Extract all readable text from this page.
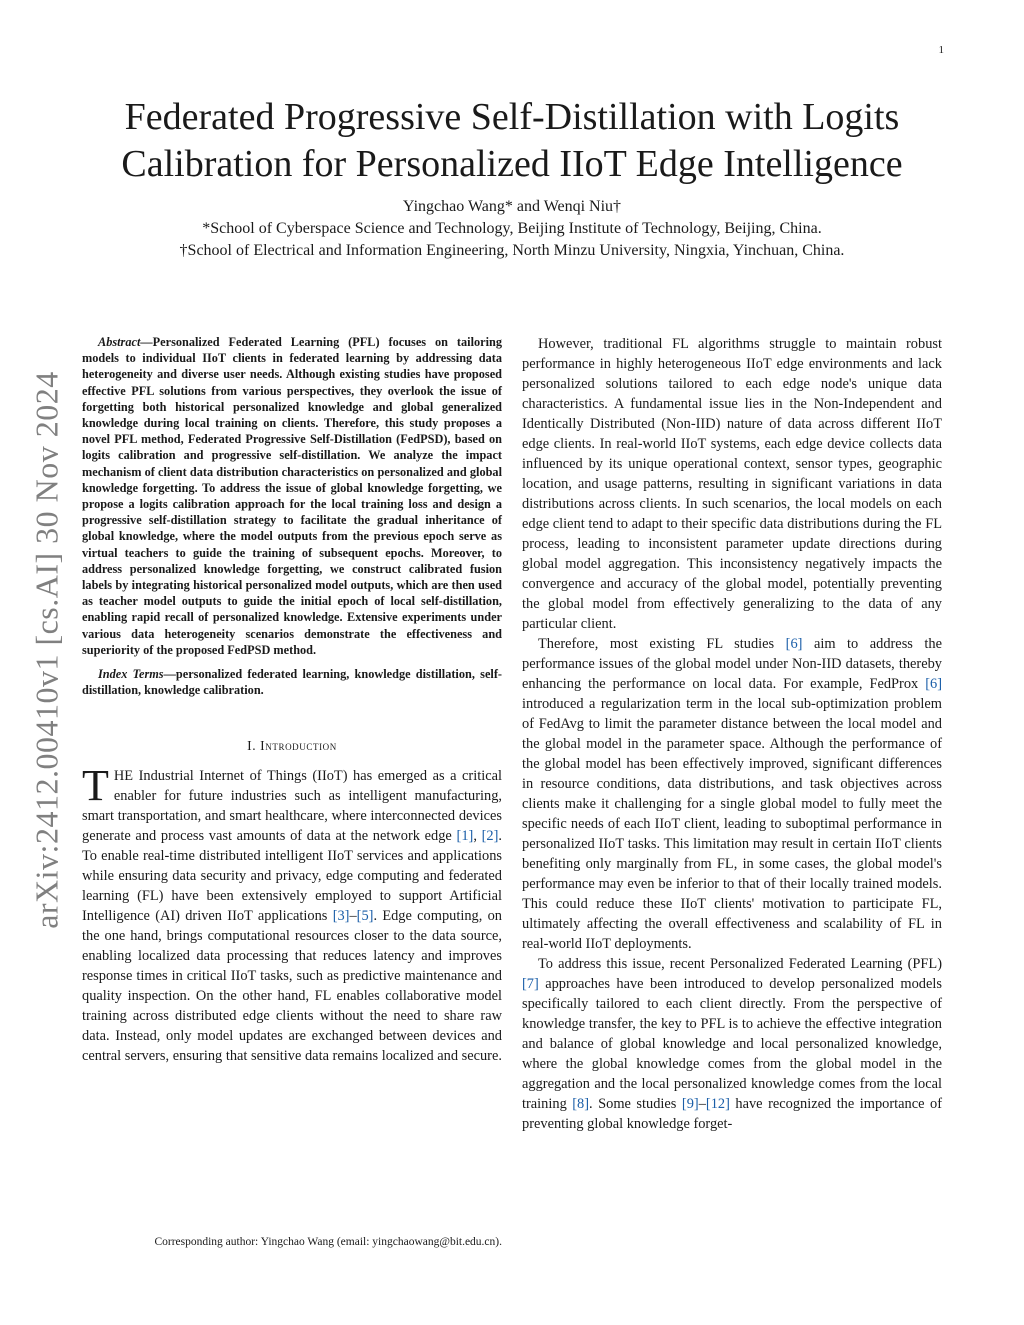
1
arXiv:2412.00410v1 [cs.AI] 30 Nov 2024
Federated Progressive Self-Distillation with Logits Calibration for Personalized IIoT Edge Intelligence
Yingchao Wang* and Wenqi Niu†
*School of Cyberspace Science and Technology, Beijing Institute of Technology, Beijing, China.
†School of Electrical and Information Engineering, North Minzu University, Ningxia, Yinchuan, China.

Abstract—Personalized Federated Learning (PFL) focuses on tailoring models to individual IIoT clients in federated learning by addressing data heterogeneity and diverse user needs. Although existing studies have proposed effective PFL solutions from various perspectives, they overlook the issue of forgetting both historical personalized knowledge and global generalized knowledge during local training on clients. Therefore, this study proposes a novel PFL method, Federated Progressive Self-Distillation (FedPSD), based on logits calibration and progressive self-distillation. We analyze the impact mechanism of client data distribution characteristics on personalized and global knowledge forgetting. To address the issue of global knowledge forgetting, we propose a logits calibration approach for the local training loss and design a progressive self-distillation strategy to facilitate the gradual inheritance of global knowledge, where the model outputs from the previous epoch serve as virtual teachers to guide the training of subsequent epochs. Moreover, to address personalized knowledge forgetting, we construct calibrated fusion labels by integrating historical personalized model outputs, which are then used as teacher model outputs to guide the initial epoch of local self-distillation, enabling rapid recall of personalized knowledge. Extensive experiments under various data heterogeneity scenarios demonstrate the effectiveness and superiority of the proposed FedPSD method.

Index Terms—personalized federated learning, knowledge distillation, self-distillation, knowledge calibration.

I. Introduction

THE Industrial Internet of Things (IIoT) has emerged as a critical enabler for future industries such as intelligent manufacturing, smart transportation, and smart healthcare, where interconnected devices generate and process vast amounts of data at the network edge [1], [2]. To enable real-time distributed intelligent IIoT services and applications while ensuring data security and privacy, edge computing and federated learning (FL) have been extensively employed to support Artificial Intelligence (AI) driven IIoT applications [3]–[5]. Edge computing, on the one hand, brings computational resources closer to the data source, enabling localized data processing that reduces latency and improves response times in critical IIoT tasks, such as predictive maintenance and quality inspection. On the other hand, FL enables collaborative model training across distributed edge clients without the need to share raw data. Instead, only model updates are exchanged between devices and central servers, ensuring that sensitive data remains localized and secure.

Corresponding author: Yingchao Wang (email: yingchaowang@bit.edu.cn).

However, traditional FL algorithms struggle to maintain robust performance in highly heterogeneous IIoT edge environments and lack personalized solutions tailored to each edge node's unique data characteristics. A fundamental issue lies in the Non-Independent and Identically Distributed (Non-IID) nature of data across different IIoT edge clients. In real-world IIoT systems, each edge device collects data influenced by its unique operational context, sensor types, geographic location, and usage patterns, resulting in significant variations in data distributions across clients. In such scenarios, the local models on each edge client tend to adapt to their specific data distributions during the FL process, leading to inconsistent parameter update directions during global model aggregation. This inconsistency negatively impacts the convergence and accuracy of the global model, potentially preventing the global model from effectively generalizing to the data of any particular client.

Therefore, most existing FL studies [6] aim to address the performance issues of the global model under Non-IID datasets, thereby enhancing the performance on local data. For example, FedProx [6] introduced a regularization term in the local sub-optimization problem of FedAvg to limit the parameter distance between the local model and the global model in the parameter space. Although the performance of the global model has been effectively improved, significant differences in resource conditions, data distributions, and task objectives across clients make it challenging for a single global model to fully meet the specific needs of each IIoT client, leading to suboptimal performance in personalized IIoT tasks. This limitation may result in certain IIoT clients benefiting only marginally from FL, in some cases, the global model's performance may even be inferior to that of their locally trained models. This could reduce these IIoT clients' motivation to participate FL, ultimately affecting the overall effectiveness and scalability of FL in real-world IIoT deployments.

To address this issue, recent Personalized Federated Learning (PFL) [7] approaches have been introduced to develop personalized models specifically tailored to each client directly. From the perspective of knowledge transfer, the key to PFL is to achieve the effective integration and balance of global knowledge and local personalized knowledge, where the global knowledge comes from the global model in the aggregation and the local personalized knowledge comes from the local training [8]. Some studies [9]–[12] have recognized the importance of preventing global knowledge forget-
